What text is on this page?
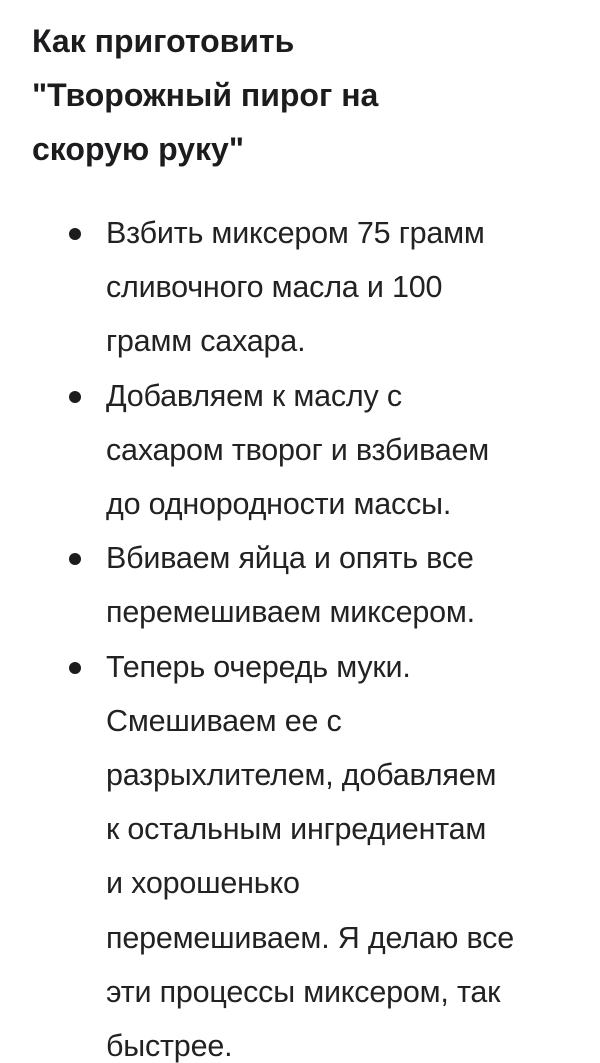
Как приготовить
"Творожный пирог на
скорую руку"
Взбить миксером 75 грамм
сливочного масла и 100
грамм сахара.
Добавляем к маслу с
сахаром творог и взбиваем
до однородности массы.
Вбиваем яйца и опять все
перемешиваем миксером.
Теперь очередь муки.
Смешиваем ее с
разрыхлителем, добавляем
к остальным ингредиентам
и хорошенько
перемешиваем. Я делаю все
эти процессы миксером, так
быстрее.
